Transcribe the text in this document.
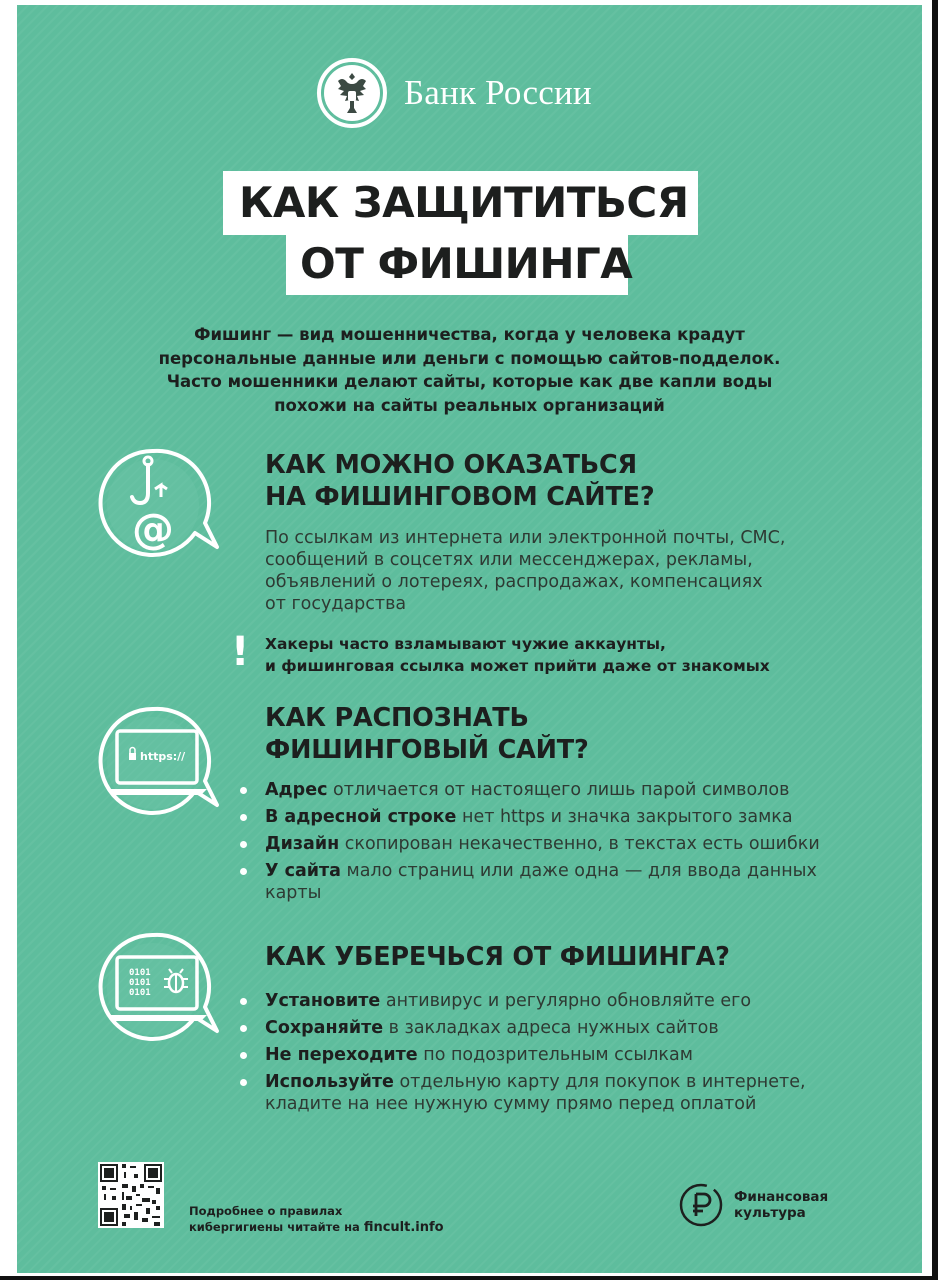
Банк России
КАК ЗАЩИТИТЬСЯ
ОТ ФИШИНГА
Фишинг — вид мошенничества, когда у человека крадут
персональные данные или деньги с помощью сайтов-подделок.
Часто мошенники делают сайты, которые как две капли воды
похожи на сайты реальных организаций
@
КАК МОЖНО ОКАЗАТЬСЯ
НА ФИШИНГОВОМ САЙТЕ?
По ссылкам из интернета или электронной почты, СМС,
сообщений в соцсетях или мессенджерах, рекламы,
объявлений о лотереях, распродажах, компенсациях
от государства
! Хакеры часто взламывают чужие аккаунты,
и фишинговая ссылка может прийти даже от знакомых
https://
КАК РАСПОЗНАТЬ
ФИШИНГОВЫЙ САЙТ?
Адрес отличается от настоящего лишь парой символов
В адресной строке нет https и значка закрытого замка
Дизайн скопирован некачественно, в текстах есть ошибки
У сайта мало страниц или даже одна — для ввода данных карты
0101
0101
0101
КАК УБЕРЕЧЬСЯ ОТ ФИШИНГА?
Установите антивирус и регулярно обновляйте его
Сохраняйте в закладках адреса нужных сайтов
Не переходите по подозрительным ссылкам
Используйте отдельную карту для покупок в интернете, кладите на нее нужную сумму прямо перед оплатой
Подробнее о правилах
кибергигиены читайте на fincult.info
Финансовая
культура
